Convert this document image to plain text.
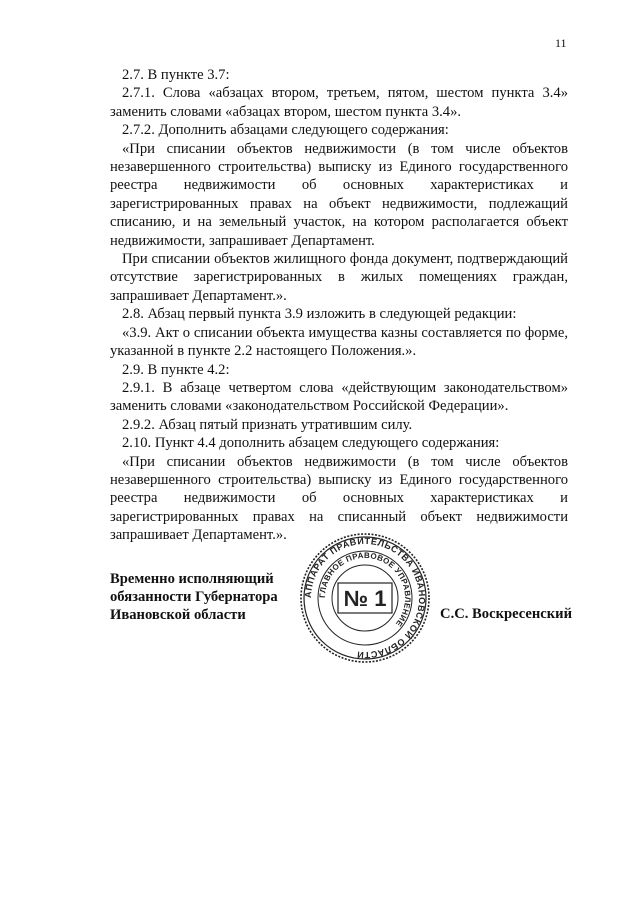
11

2.7. В пункте 3.7:

2.7.1. Слова «абзацах втором, третьем, пятом, шестом пункта 3.4» заменить словами «абзацах втором, шестом пункта 3.4».

2.7.2. Дополнить абзацами следующего содержания:

«При списании объектов недвижимости (в том числе объектов незавершенного строительства) выписку из Единого государственного реестра недвижимости об основных характеристиках и зарегистрированных правах на объект недвижимости, подлежащий списанию, и на земельный участок, на котором располагается объект недвижимости, запрашивает Департамент.

При списании объектов жилищного фонда документ, подтверждающий отсутствие зарегистрированных в жилых помещениях граждан, запрашивает Департамент.».

2.8. Абзац первый пункта 3.9 изложить в следующей редакции:

«3.9. Акт о списании объекта имущества казны составляется по форме, указанной в пункте 2.2 настоящего Положения.».

2.9. В пункте 4.2:

2.9.1. В абзаце четвертом слова «действующим законодательством» заменить словами «законодательством Российской Федерации».

2.9.2. Абзац пятый признать утратившим силу.

2.10. Пункт 4.4 дополнить абзацем следующего содержания:

«При списании объектов недвижимости (в том числе объектов незавершенного строительства) выписку из Единого государственного реестра недвижимости об основных характеристиках и зарегистрированных правах на списанный объект недвижимости запрашивает Департамент.».

Временно исполняющий
обязанности Губернатора
Ивановской области
АППАРАТ ПРАВИТЕЛЬСТВА ИВАНОВСКОЙ ОБЛАСТИ
ГЛАВНОЕ ПРАВОВОЕ УПРАВЛЕНИЕ
№ 1
С.С. Воскресенский
